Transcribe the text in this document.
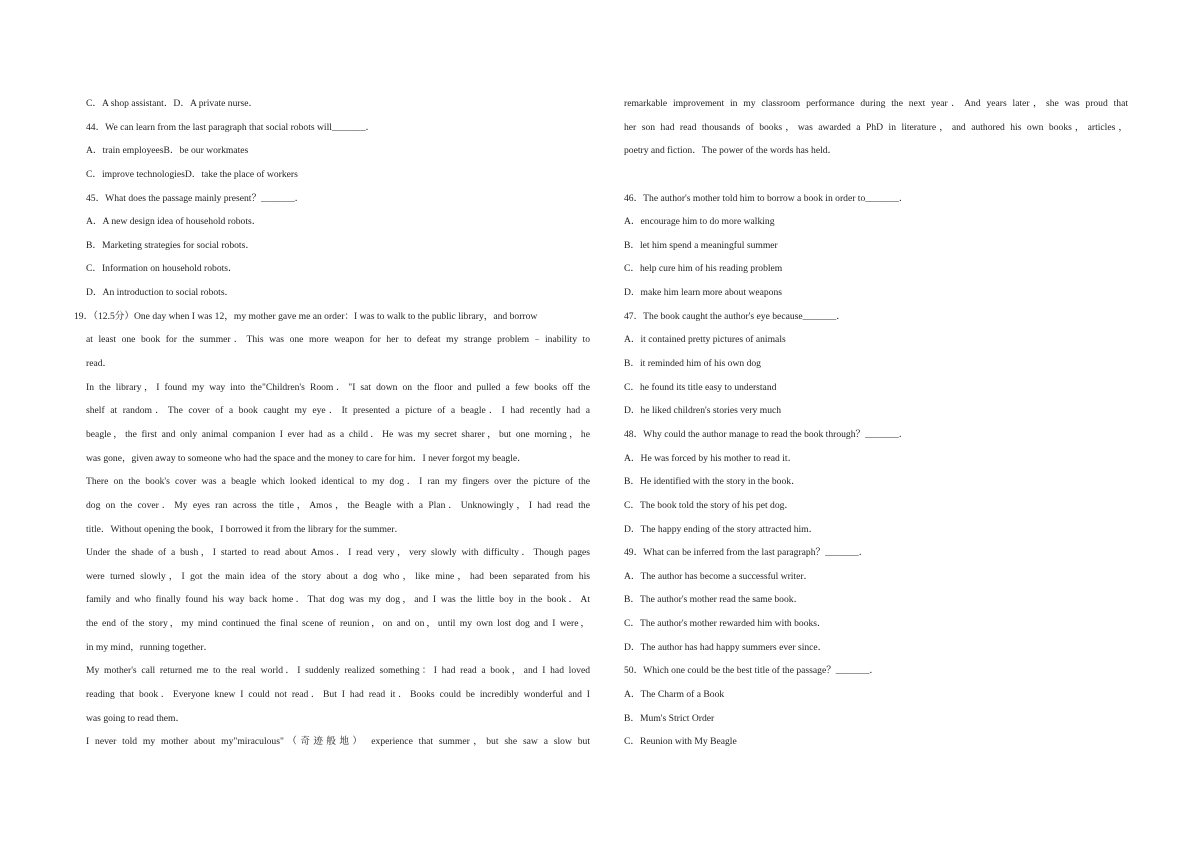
C．A shop assistant．D．A private nurse．
44．We can learn from the last paragraph that social robots will_______．
A．train employeesB．be our workmates
C．improve technologiesD．take the place of workers
45．What does the passage mainly present？_______．
A．A new design idea of household robots．
B．Marketing strategies for social robots．
C．Information on household robots．
D．An introduction to social robots．
19．（12.5分）One day when I was 12，my mother gave me an order：I was to walk to the public library，and borrow
at least one book for the summer．This was one more weapon for her to defeat my strange problem﹣inability to
read．
In the library，I found my way into the"Children's Room．"I sat down on the floor and pulled a few books off the
shelf at random．The cover of a book caught my eye．It presented a picture of a beagle．I had recently had a
beagle，the first and only animal companion I ever had as a child．He was my secret sharer，but one morning，he
was gone，given away to someone who had the space and the money to care for him．I never forgot my beagle．
There on the book's cover was a beagle which looked identical to my dog．I ran my fingers over the picture of the
dog on the cover．My eyes ran across the title，Amos，the Beagle with a Plan．Unknowingly，I had read the
title．Without opening the book，I borrowed it from the library for the summer．
Under the shade of a bush，I started to read about Amos．I read very，very slowly with difficulty．Though pages
were turned slowly，I got the main idea of the story about a dog who，like mine，had been separated from his
family and who finally found his way back home．That dog was my dog，and I was the little boy in the book．At
the end of the story，my mind continued the final scene of reunion，on and on，until my own lost dog and I were，
in my mind，running together．
My mother's call returned me to the real world．I suddenly realized something：I had read a book，and I had loved
reading that book．Everyone knew I could not read．But I had read it．Books could be incredibly wonderful and I
was going to read them．
I never told my mother about my"miraculous"（奇迹般地） experience that summer，but she saw a slow but
remarkable improvement in my classroom performance during the next year．And years later，she was proud that
her son had read thousands of books，was awarded a PhD in literature，and authored his own books，articles，
poetry and fiction．The power of the words has held．
46．The author's mother told him to borrow a book in order to_______．
A．encourage him to do more walking
B．let him spend a meaningful summer
C．help cure him of his reading problem
D．make him learn more about weapons
47．The book caught the author's eye because_______．
A．it contained pretty pictures of animals
B．it reminded him of his own dog
C．he found its title easy to understand
D．he liked children's stories very much
48．Why could the author manage to read the book through？_______．
A．He was forced by his mother to read it．
B．He identified with the story in the book．
C．The book told the story of his pet dog．
D．The happy ending of the story attracted him．
49．What can be inferred from the last paragraph？_______．
A．The author has become a successful writer．
B．The author's mother read the same book．
C．The author's mother rewarded him with books．
D．The author has had happy summers ever since．
50．Which one could be the best title of the passage？_______．
A．The Charm of a Book
B．Mum's Strict Order
C．Reunion with My Beagle
